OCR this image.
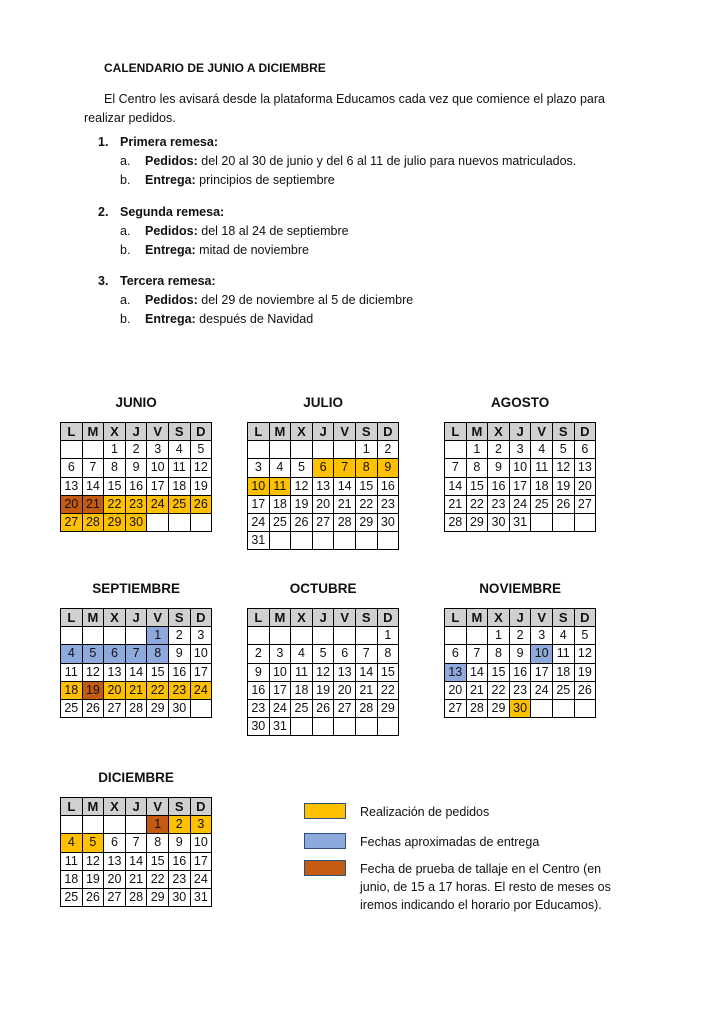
CALENDARIO DE JUNIO A DICIEMBRE
El Centro les avisará desde la plataforma Educamos cada vez que comience el plazo para realizar pedidos.
1. Primera remesa:
a. Pedidos: del 20 al 30 de junio y del 6 al 11 de julio para nuevos matriculados.
b. Entrega: principios de septiembre
2. Segunda remesa:
a. Pedidos: del 18 al 24 de septiembre
b. Entrega: mitad de noviembre
3. Tercera remesa:
a. Pedidos: del 29 de noviembre al 5 de diciembre
b. Entrega: después de Navidad
JUNIO
L	M	X	J	V	S	D
		1	2	3	4	5
6	7	8	9	10	11	12
13	14	15	16	17	18	19
20	21	22	23	24	25	26
27	28	29	30			
JULIO
L	M	X	J	V	S	D
					1	2
3	4	5	6	7	8	9
10	11	12	13	14	15	16
17	18	19	20	21	22	23
24	25	26	27	28	29	30
31						
AGOSTO
L	M	X	J	V	S	D
	1	2	3	4	5	6
7	8	9	10	11	12	13
14	15	16	17	18	19	20
21	22	23	24	25	26	27
28	29	30	31			
SEPTIEMBRE
L	M	X	J	V	S	D
				1	2	3
4	5	6	7	8	9	10
11	12	13	14	15	16	17
18	19	20	21	22	23	24
25	26	27	28	29	30	
OCTUBRE
L	M	X	J	V	S	D
						1
2	3	4	5	6	7	8
9	10	11	12	13	14	15
16	17	18	19	20	21	22
23	24	25	26	27	28	29
30	31					
NOVIEMBRE
L	M	X	J	V	S	D
		1	2	3	4	5
6	7	8	9	10	11	12
13	14	15	16	17	18	19
20	21	22	23	24	25	26
27	28	29	30			
DICIEMBRE
L	M	X	J	V	S	D
				1	2	3
4	5	6	7	8	9	10
11	12	13	14	15	16	17
18	19	20	21	22	23	24
25	26	27	28	29	30	31
Realización de pedidos
Fechas aproximadas de entrega
Fecha de prueba de tallaje en el Centro (en junio, de 15 a 17 horas. El resto de meses os iremos indicando el horario por Educamos).
